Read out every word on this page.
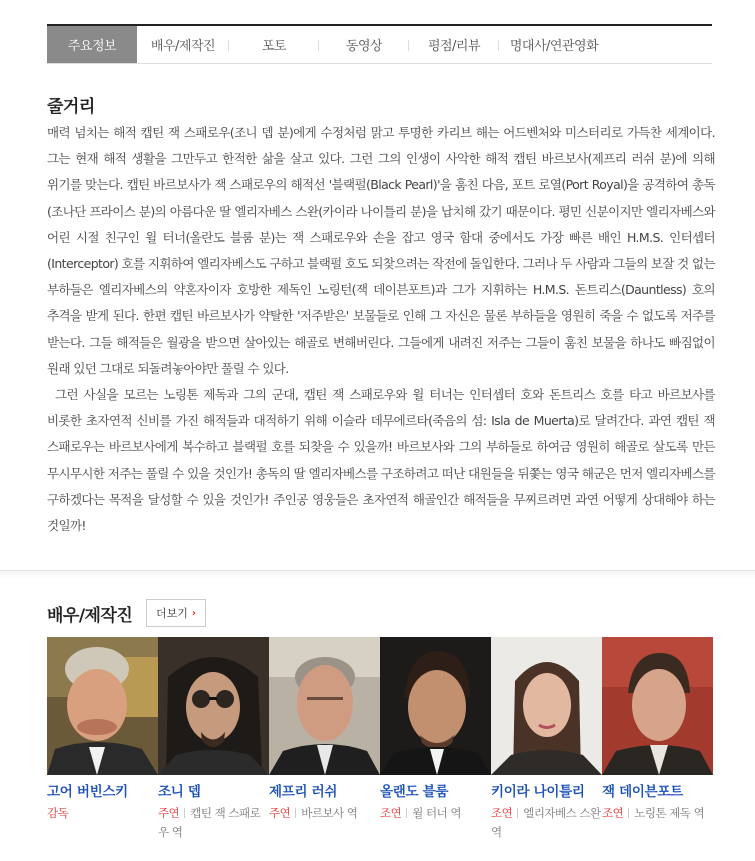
주요정보	배우/제작진	포토	동영상	평점/리뷰 명대사/연관영화
줄거리

매력 넘치는 해적 캡틴 잭 스패로우(조니 뎁 분)에게 수정처럼 맑고 투명한 카리브 해는 어드벤처와 미스터리로 가득찬 세계이다. 그는 현재 해적 생활을 그만두고 한적한 삶을 살고 있다. 그런 그의 인생이 사악한 해적 캡틴 바르보사(제프리 러쉬 분)에 의해 위기를 맞는다. 캡틴 바르보사가 잭 스패로우의 해적선 '블랙펄(Black Pearl)'을 훔친 다음, 포트 로열(Port Royal)을 공격하여 총독(조나단 프라이스 분)의 아름다운 딸 엘리자베스 스완(카이라 나이틀리 분)을 납치해 갔기 때문이다. 평민 신분이지만 엘리자베스와 어린 시절 친구인 윌 터너(올란도 블룸 분)는 잭 스패로우와 손을 잡고 영국 함대 중에서도 가장 빠른 배인 H.M.S. 인터셉터(Interceptor) 호를 지휘하여 엘리자베스도 구하고 블랙펄 호도 되찾으려는 작전에 돌입한다. 그러나 두 사람과 그들의 보잘 것 없는 부하들은 엘리자베스의 약혼자이자 호방한 제독인 노링턴(잭 데이븐포트)과 그가 지휘하는 H.M.S. 돈트리스(Dauntless) 호의 추격을 받게 된다. 한편 캡틴 바르보사가 약탈한 '저주받은' 보물들로 인해 그 자신은 물론 부하들을 영원히 죽을 수 없도록 저주를 받는다. 그들 해적들은 월광을 받으면 살아있는 해골로 변해버린다. 그들에게 내려진 저주는 그들이 훔친 보물을 하나도 빠짐없이 원래 있던 그대로 되돌려놓아야만 풀릴 수 있다.

그런 사실을 모르는 노링톤 제독과 그의 군대, 캡틴 잭 스패로우와 윌 터너는 인터셉터 호와 돈트리스 호를 타고 바르보사를 비롯한 초자연적 신비를 가진 해적들과 대적하기 위해 이슬라 데무에르타(죽음의 섬: Isla de Muerta)로 달려간다. 과연 캡틴 잭 스패로우는 바르보사에게 복수하고 블랙펄 호를 되찾을 수 있을까! 바르보사와 그의 부하들로 하여금 영원히 해골로 살도록 만든 무시무시한 저주는 풀릴 수 있을 것인가! 총독의 딸 엘리자베스를 구조하려고 떠난 대원들을 뒤쫓는 영국 해군은 먼저 엘리자베스를 구하겠다는 목적을 달성할 수 있을 것인가! 주인공 영웅들은 초자연적 해골인간 해적들을 무찌르려면 과연 어떻게 상대해야 하는 것일까!

배우/제작진 더보기 ›
고어 버빈스키
감독
조니 뎁
주연 캡틴 잭 스패로우 역
제프리 러쉬
주연 바르보사 역
올랜도 블룸
조연 윌 터너 역
키이라 나이틀리
조연 엘리자베스 스완 역
잭 데이븐포트
조연 노링톤 제독 역
